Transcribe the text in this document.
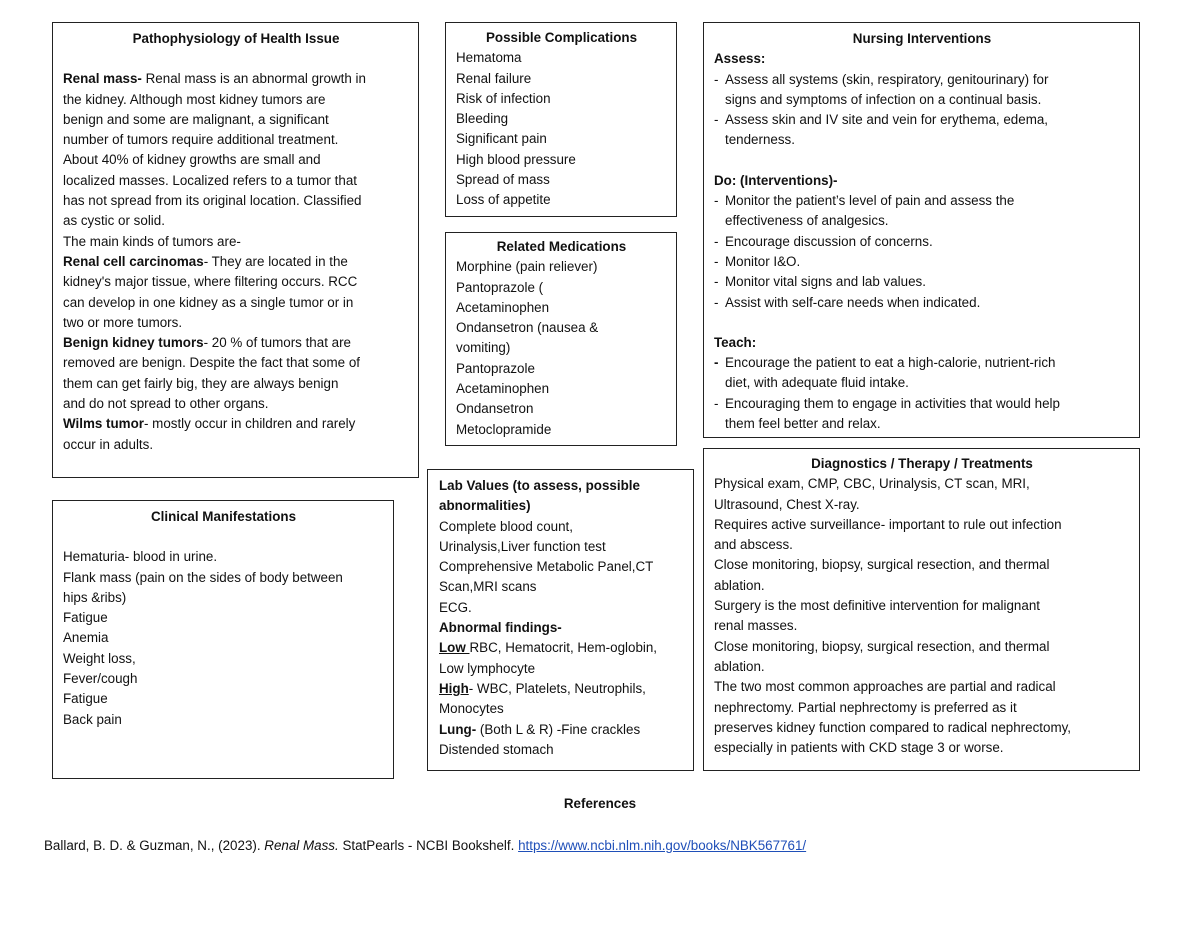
Pathophysiology of Health Issue
Renal mass- Renal mass is an abnormal growth in
the kidney. Although most kidney tumors are
benign and some are malignant, a significant
number of tumors require additional treatment.
About 40% of kidney growths are small and
localized masses. Localized refers to a tumor that
has not spread from its original location. Classified
as cystic or solid.
The main kinds of tumors are-
Renal cell carcinomas- They are located in the
kidney's major tissue, where filtering occurs. RCC
can develop in one kidney as a single tumor or in
two or more tumors.
Benign kidney tumors- 20 % of tumors that are
removed are benign. Despite the fact that some of
them can get fairly big, they are always benign
and do not spread to other organs.
Wilms tumor- mostly occur in children and rarely
occur in adults.
Possible Complications
Hematoma
Renal failure
Risk of infection
Bleeding
Significant pain
High blood pressure
Spread of mass
Loss of appetite
Related Medications
Morphine (pain reliever)
Pantoprazole (
Acetaminophen
Ondansetron (nausea &
vomiting)
Pantoprazole
Acetaminophen
Ondansetron
Metoclopramide
Nursing Interventions
Assess:
- Assess all systems (skin, respiratory, genitourinary) for
signs and symptoms of infection on a continual basis.
- Assess skin and IV site and vein for erythema, edema,
tenderness.
Do: (Interventions)-
- Monitor the patient’s level of pain and assess the
effectiveness of analgesics.
- Encourage discussion of concerns.
- Monitor I&O.
- Monitor vital signs and lab values.
- Assist with self-care needs when indicated.
Teach:
- Encourage the patient to eat a high-calorie, nutrient-rich
diet, with adequate fluid intake.
- Encouraging them to engage in activities that would help
them feel better and relax.
Clinical Manifestations
Hematuria- blood in urine.
Flank mass (pain on the sides of body between
hips &ribs)
Fatigue
Anemia
Weight loss,
Fever/cough
Fatigue
Back pain
Lab Values (to assess, possible
abnormalities)
Complete blood count,
Urinalysis,Liver function test
Comprehensive Metabolic Panel,CT
Scan,MRI scans
ECG.
Abnormal findings-
Low RBC, Hematocrit, Hem-oglobin,
Low lymphocyte
High- WBC, Platelets, Neutrophils,
Monocytes
Lung- (Both L & R) -Fine crackles
Distended stomach
Diagnostics / Therapy / Treatments
Physical exam, CMP, CBC, Urinalysis, CT scan, MRI,
Ultrasound, Chest X-ray.
Requires active surveillance- important to rule out infection
and abscess.
Close monitoring, biopsy, surgical resection, and thermal
ablation.
Surgery is the most definitive intervention for malignant
renal masses.
Close monitoring, biopsy, surgical resection, and thermal
ablation.
The two most common approaches are partial and radical
nephrectomy. Partial nephrectomy is preferred as it
preserves kidney function compared to radical nephrectomy,
especially in patients with CKD stage 3 or worse.
References
Ballard, B. D. & Guzman, N., (2023). Renal Mass. StatPearls - NCBI Bookshelf. https://www.ncbi.nlm.nih.gov/books/NBK567761/
